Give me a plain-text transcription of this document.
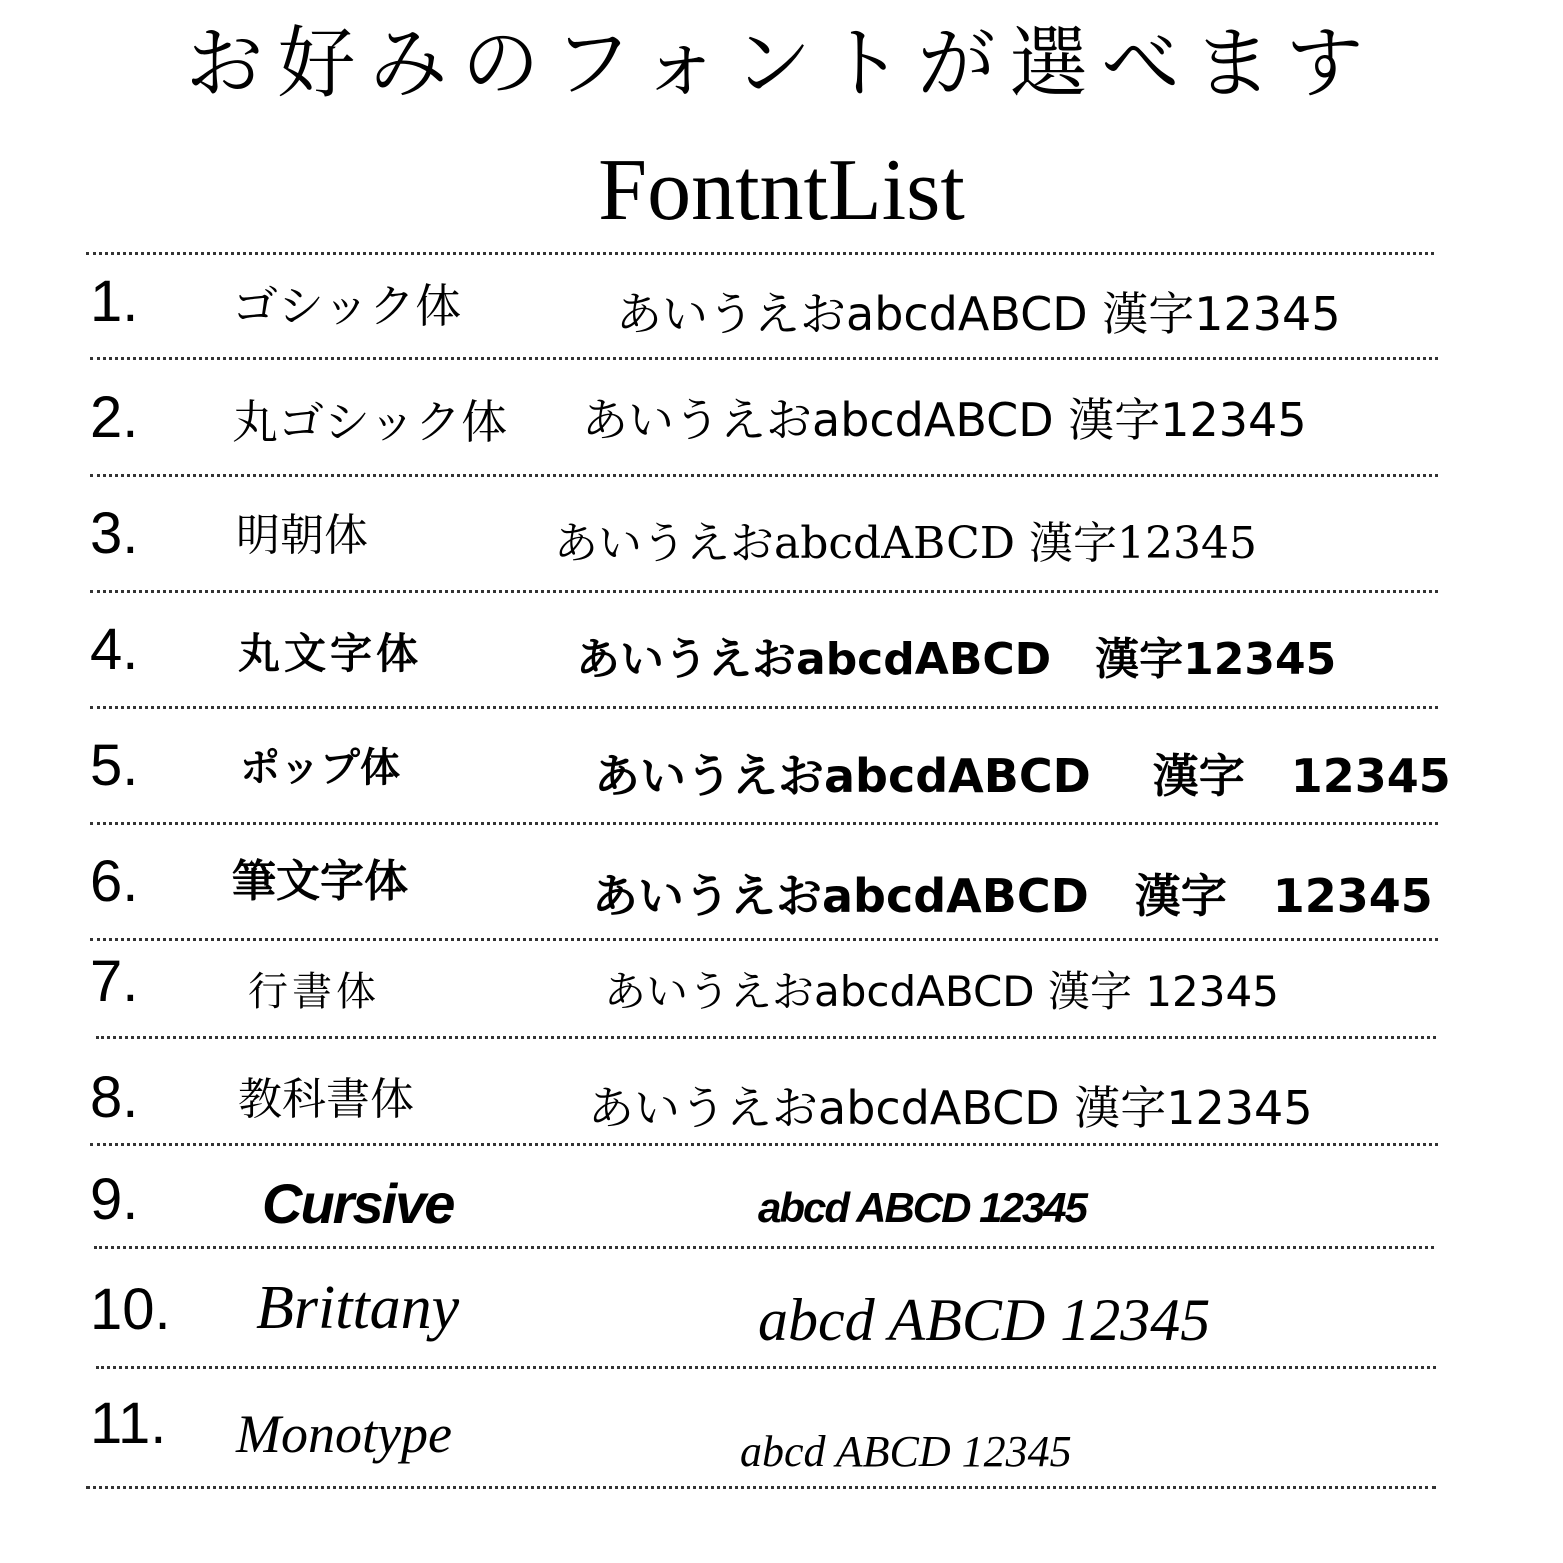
お好みのフォントが選べます
FontntList
1. ゴシック体	あいうえおabcdABCD 漢字12345
2. 丸ゴシック体 あいうえおabcdABCD 漢字12345
3. 明朝体	あいうえおabcdABCD 漢字12345
4. 丸文字体	あいうえおabcdABCD　漢字12345
5.	ポップ体	あいうえおabcdABCD　 漢字　12345
6. 筆文字体	あいうえおabcdABCD　漢字　12345
7.	行書体	あいうえおabcdABCD 漢字 12345
8. 教科書体	あいうえおabcdABCD 漢字12345
9. Cursive	abcd ABCD 12345
10. Brittany	abcd ABCD 12345
11. Monotype	abcd ABCD 12345
